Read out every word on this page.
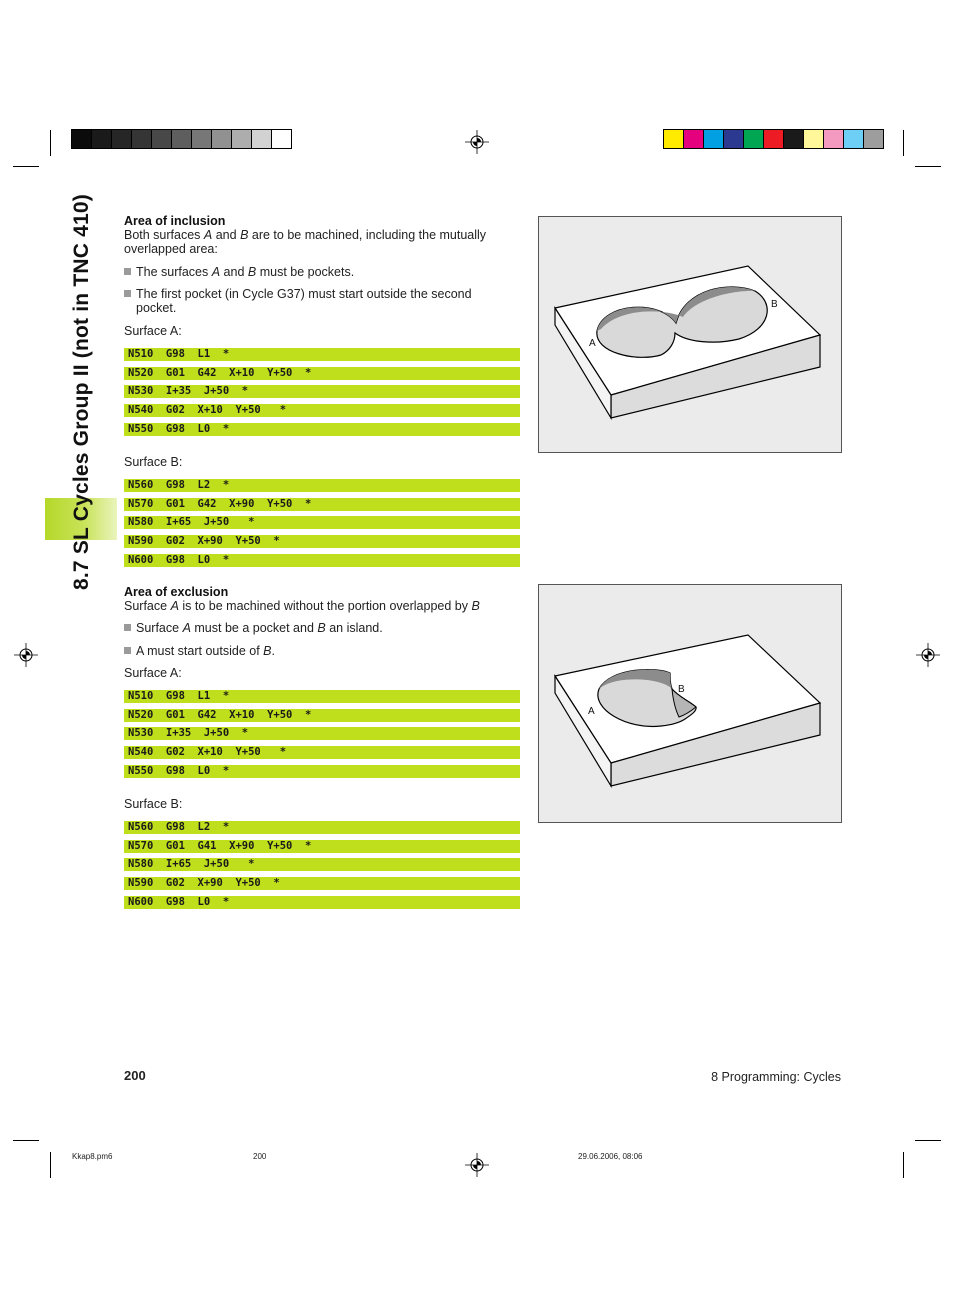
8.7 SL Cycles Group II (not in TNC 410) Area of inclusion
Both surfaces A and B are to be machined, including the mutually
overlapped area:
The surfaces A and B must be pockets.
The first pocket (in Cycle G37) must start outside the second
pocket.
Surface A:
N510  G98  L1  *
N520  G01  G42  X+10  Y+50  *
N530  I+35  J+50  *
N540  G02  X+10  Y+50   *
N550  G98  L0  *
Surface B:
N560  G98  L2  *
N570  G01  G42  X+90  Y+50  *
N580  I+65  J+50   *
N590  G02  X+90  Y+50  *
N600  G98  L0  *
A
B
Area of exclusion
Surface A is to be machined without the portion overlapped by B
Surface A must be a pocket and B an island.
A must start outside of B.
Surface A:
N510  G98  L1  *
N520  G01  G42  X+10  Y+50  *
N530  I+35  J+50  *
N540  G02  X+10  Y+50   *
N550  G98  L0  *
Surface B:
N560  G98  L2  *
N570  G01  G41  X+90  Y+50  *
N580  I+65  J+50   *
N590  G02  X+90  Y+50  *
N600  G98  L0  *
A
B
200	8 Programming: Cycles
Kkap8.pm6	200	29.06.2006, 08:06
